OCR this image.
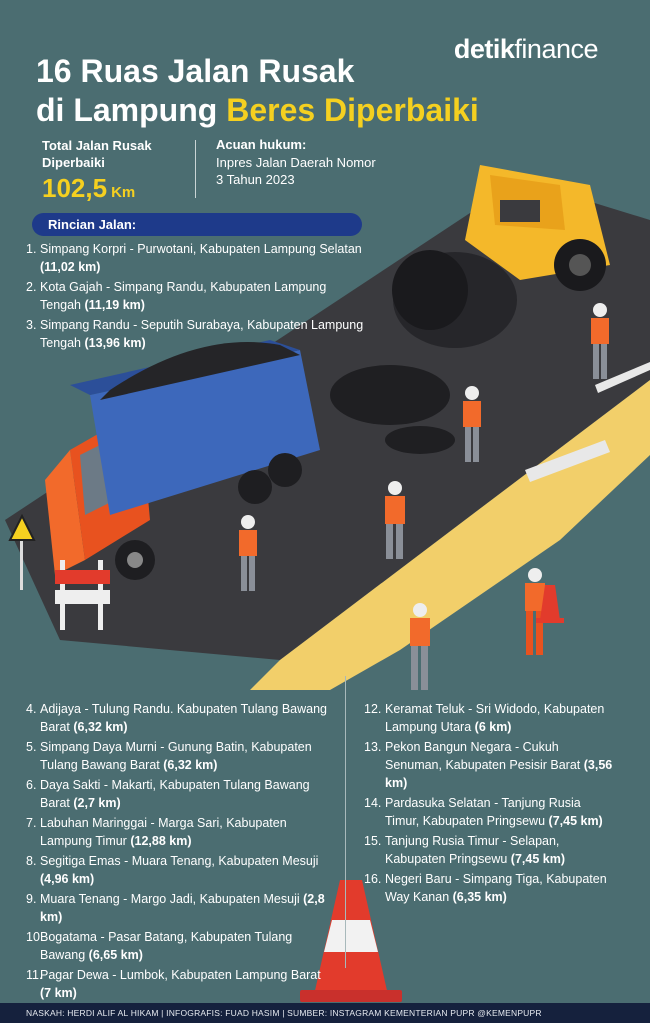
detikfinance
16 Ruas Jalan Rusak
di Lampung Beres Diperbaiki
Total Jalan Rusak Diperbaiki
102,5 Km
Acuan hukum:
Inpres Jalan Daerah Nomor 3 Tahun 2023
Rincian Jalan:
1. Simpang Korpri - Purwotani, Kabupaten Lampung Selatan (11,02 km)
2. Kota Gajah - Simpang Randu, Kabupaten Lampung Tengah (11,19 km)
3. Simpang Randu - Seputih Surabaya, Kabupaten Lampung Tengah (13,96 km)
4. Adijaya - Tulung Randu. Kabupaten Tulang Bawang Barat (6,32 km)
5. Simpang Daya Murni - Gunung Batin, Kabupaten Tulang Bawang Barat (6,32 km)
6. Daya Sakti - Makarti, Kabupaten Tulang Bawang Barat (2,7 km)
7. Labuhan Maringgai - Marga Sari, Kabupaten Lampung Timur (12,88 km)
8. Segitiga Emas - Muara Tenang, Kabupaten Mesuji (4,96 km)
9. Muara Tenang - Margo Jadi, Kabupaten Mesuji (2,8 km)
10.
Bogatama - Pasar Batang, Kabupaten Tulang Bawang (6,65 km)
11.
Pagar Dewa - Lumbok, Kabupaten Lampung Barat (7 km)
12. Keramat Teluk - Sri Widodo, Kabupaten Lampung Utara (6 km)
13. Pekon Bangun Negara - Cukuh Senuman, Kabupaten Pesisir Barat (3,56 km)
14. Pardasuka Selatan - Tanjung Rusia Timur, Kabupaten Pringsewu (7,45 km)
15. Tanjung Rusia Timur - Selapan, Kabupaten Pringsewu (7,45 km)
16. Negeri Baru - Simpang Tiga, Kabupaten Way Kanan (6,35 km)
NASKAH: HERDI ALIF AL HIKAM | INFOGRAFIS: FUAD HASIM | SUMBER: INSTAGRAM KEMENTERIAN PUPR @KEMENPUPR
